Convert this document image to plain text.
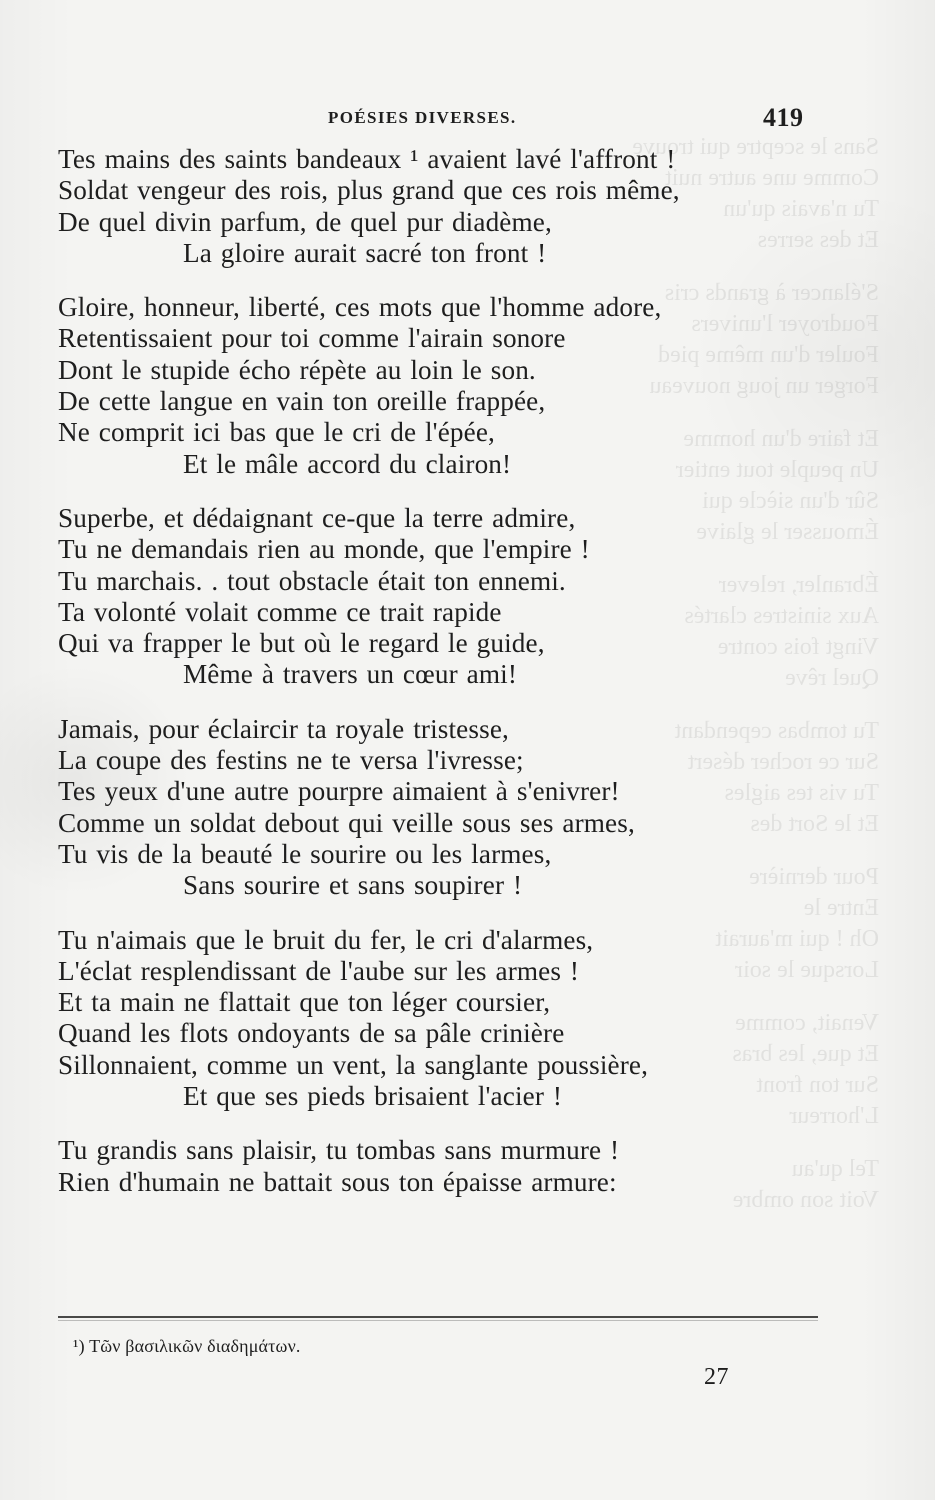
Sans le sceptre qui trouve
Comme une autre nuit
Tu n'avais qu'un
Et des serres
S'élancer à grands cris
Foudroyer l'univers
Fouler d'un même pied
Forger un joug nouveau
Et faire d'un homme
Un peuple tout entier
Sûr d'un siècle qui
Émousser le glaive
Ébranler, relever
Aux sinistres clartés
Vingt fois contre
Quel rêve
Tu tombas cependant
Sur ce rocher désert
Tu vis tes aigles
Et le Sort des
Pour dernière
Entre le
Oh ! qui m'aurait
Lorsque le soir
Venait, comme
Et que, les bras
Sur ton front
L'horreur
Tel qu'au
Voit son ombre
POÉSIES DIVERSES.	419
Tes mains des saints bandeaux ¹ avaient lavé l'affront !
Soldat vengeur des rois, plus grand que ces rois même,
De quel divin parfum, de quel pur diadème,
La gloire aurait sacré ton front !
Gloire, honneur, liberté, ces mots que l'homme adore,
Retentissaient pour toi comme l'airain sonore
Dont le stupide écho répète au loin le son.
De cette langue en vain ton oreille frappée,
Ne comprit ici bas que le cri de l'épée,
Et le mâle accord du clairon!
Superbe, et dédaignant ce-que la terre admire,
Tu ne demandais rien au monde, que l'empire !
Tu marchais. . tout obstacle était ton ennemi.
Ta volonté volait comme ce trait rapide
Qui va frapper le but où le regard le guide,
Même à travers un cœur ami!
Jamais, pour éclaircir ta royale tristesse,
La coupe des festins ne te versa l'ivresse;
Tes yeux d'une autre pourpre aimaient à s'enivrer!
Comme un soldat debout qui veille sous ses armes,
Tu vis de la beauté le sourire ou les larmes,
Sans sourire et sans soupirer !
Tu n'aimais que le bruit du fer, le cri d'alarmes,
L'éclat resplendissant de l'aube sur les armes !
Et ta main ne flattait que ton léger coursier,
Quand les flots ondoyants de sa pâle crinière
Sillonnaient, comme un vent, la sanglante poussière,
Et que ses pieds brisaient l'acier !
Tu grandis sans plaisir, tu tombas sans murmure !
Rien d'humain ne battait sous ton épaisse armure:
¹) Τῶν βασιλικῶν διαδημάτων.
27
